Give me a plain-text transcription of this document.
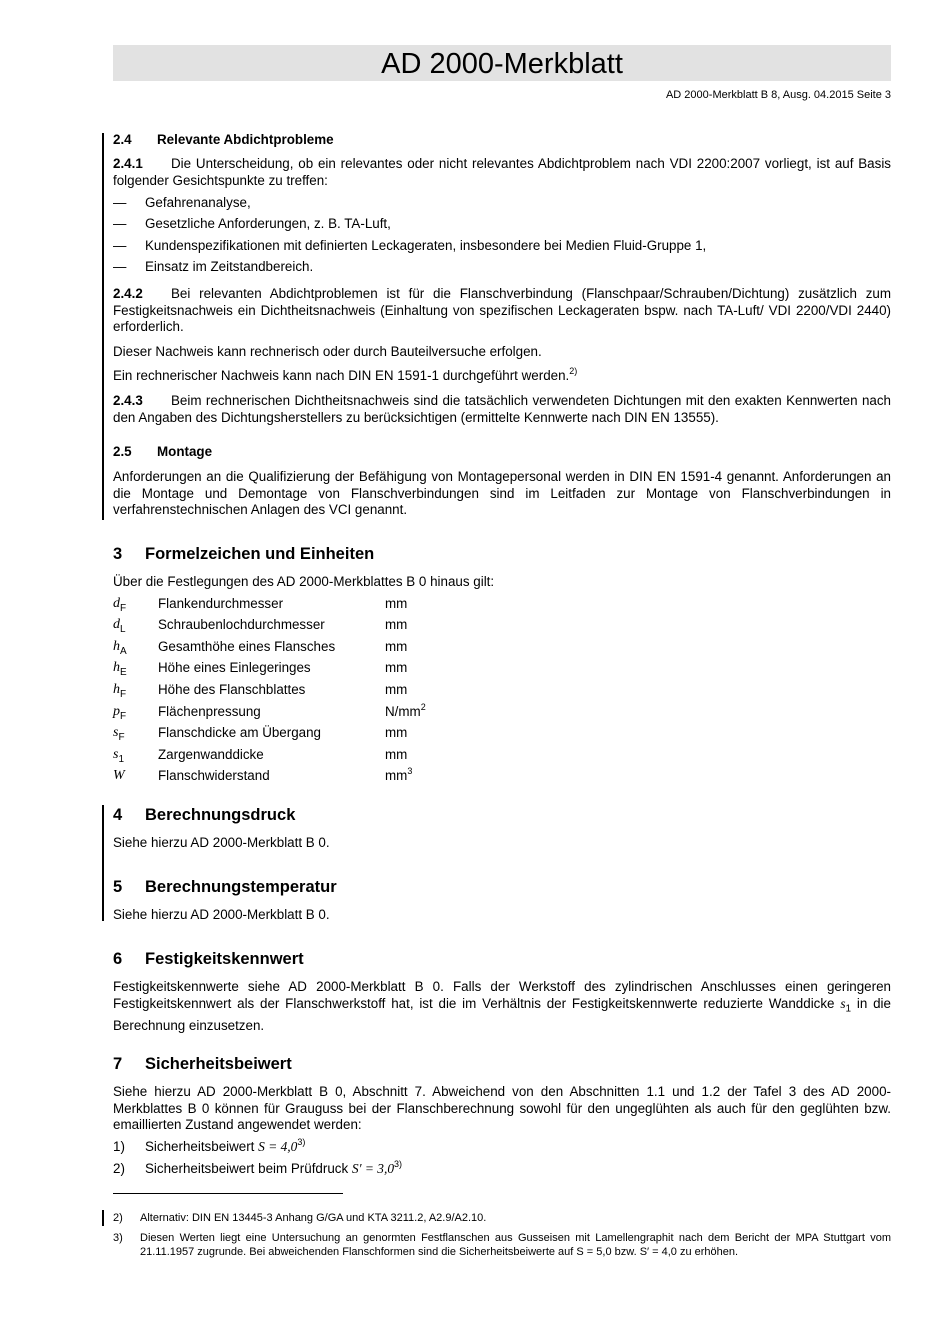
AD 2000-Merkblatt
AD 2000-Merkblatt B 8, Ausg. 04.2015 Seite 3
2.4 Relevante Abdichtprobleme
2.4.1 Die Unterscheidung, ob ein relevantes oder nicht relevantes Abdichtproblem nach VDI 2200:2007 vorliegt, ist auf Basis folgender Gesichtspunkte zu treffen:
— Gefahrenanalyse,
— Gesetzliche Anforderungen, z. B. TA-Luft,
— Kundenspezifikationen mit definierten Leckageraten, insbesondere bei Medien Fluid-Gruppe 1,
— Einsatz im Zeitstandbereich.
2.4.2 Bei relevanten Abdichtproblemen ist für die Flanschverbindung (Flanschpaar/Schrauben/Dichtung) zusätzlich zum Festigkeitsnachweis ein Dichtheitsnachweis (Einhaltung von spezifischen Leckageraten bspw. nach TA-Luft/ VDI 2200/VDI 2440) erforderlich.
Dieser Nachweis kann rechnerisch oder durch Bauteilversuche erfolgen.
Ein rechnerischer Nachweis kann nach DIN EN 1591-1 durchgeführt werden.$^{2)}$
2.4.3 Beim rechnerischen Dichtheitsnachweis sind die tatsächlich verwendeten Dichtungen mit den exakten Kennwerten nach den Angaben des Dichtungsherstellers zu berücksichtigen (ermittelte Kennwerte nach DIN EN 13555).
2.5 Montage
Anforderungen an die Qualifizierung der Befähigung von Montagepersonal werden in DIN EN 1591-4 genannt. Anforderungen an die Montage und Demontage von Flanschverbindungen sind im Leitfaden zur Montage von Flanschverbindungen in verfahrenstechnischen Anlagen des VCI genannt.
3 Formelzeichen und Einheiten
Über die Festlegungen des AD 2000-Merkblattes B 0 hinaus gilt:
$d_F$ Flankendurchmesser	mm
$d_L$ Schraubenlochdurchmesser	mm
$h_A$ Gesamthöhe eines Flansches	mm
$h_E$ Höhe eines Einlegeringes	mm
$h_F$ Höhe des Flanschblattes	mm
$p_F$ Flächenpressung	$N/mm^2$
$s_F$ Flanschdicke am Übergang	mm
$s_1$	Zargenwanddicke	mm
W Flanschwiderstand	$mm^3$
4 Berechnungsdruck
Siehe hierzu AD 2000-Merkblatt B 0.
5 Berechnungstemperatur
Siehe hierzu AD 2000-Merkblatt B 0.
6 Festigkeitskennwert
Festigkeitskennwerte siehe AD 2000-Merkblatt B 0. Falls der Werkstoff des zylindrischen Anschlusses einen geringeren Festigkeitskennwert als der Flanschwerkstoff hat, ist die im Verhältnis der Festigkeitskennwerte reduzierte Wanddicke $s_1$ in die Berechnung einzusetzen.
7 Sicherheitsbeiwert
Siehe hierzu AD 2000-Merkblatt B 0, Abschnitt 7. Abweichend von den Abschnitten 1.1 und 1.2 der Tafel 3 des AD 2000-Merkblattes B 0 können für Grauguss bei der Flanschberechnung sowohl für den ungeglühten als auch für den geglühten bzw. emaillierten Zustand angewendet werden:
1) Sicherheitsbeiwert $S = 4,0^{3)}$
2) Sicherheitsbeiwert beim Prüfdruck $S' = 3,0^{3)}$
2) Alternativ: DIN EN 13445-3 Anhang G/GA und KTA 3211.2, A2.9/A2.10.
3) Diesen Werten liegt eine Untersuchung an genormten Festflanschen aus Gusseisen mit Lamellengraphit nach dem Bericht der MPA Stuttgart vom 21.11.1957 zugrunde. Bei abweichenden Flanschformen sind die Sicherheitsbeiwerte auf S = 5,0 bzw. S′ = 4,0 zu erhöhen.
